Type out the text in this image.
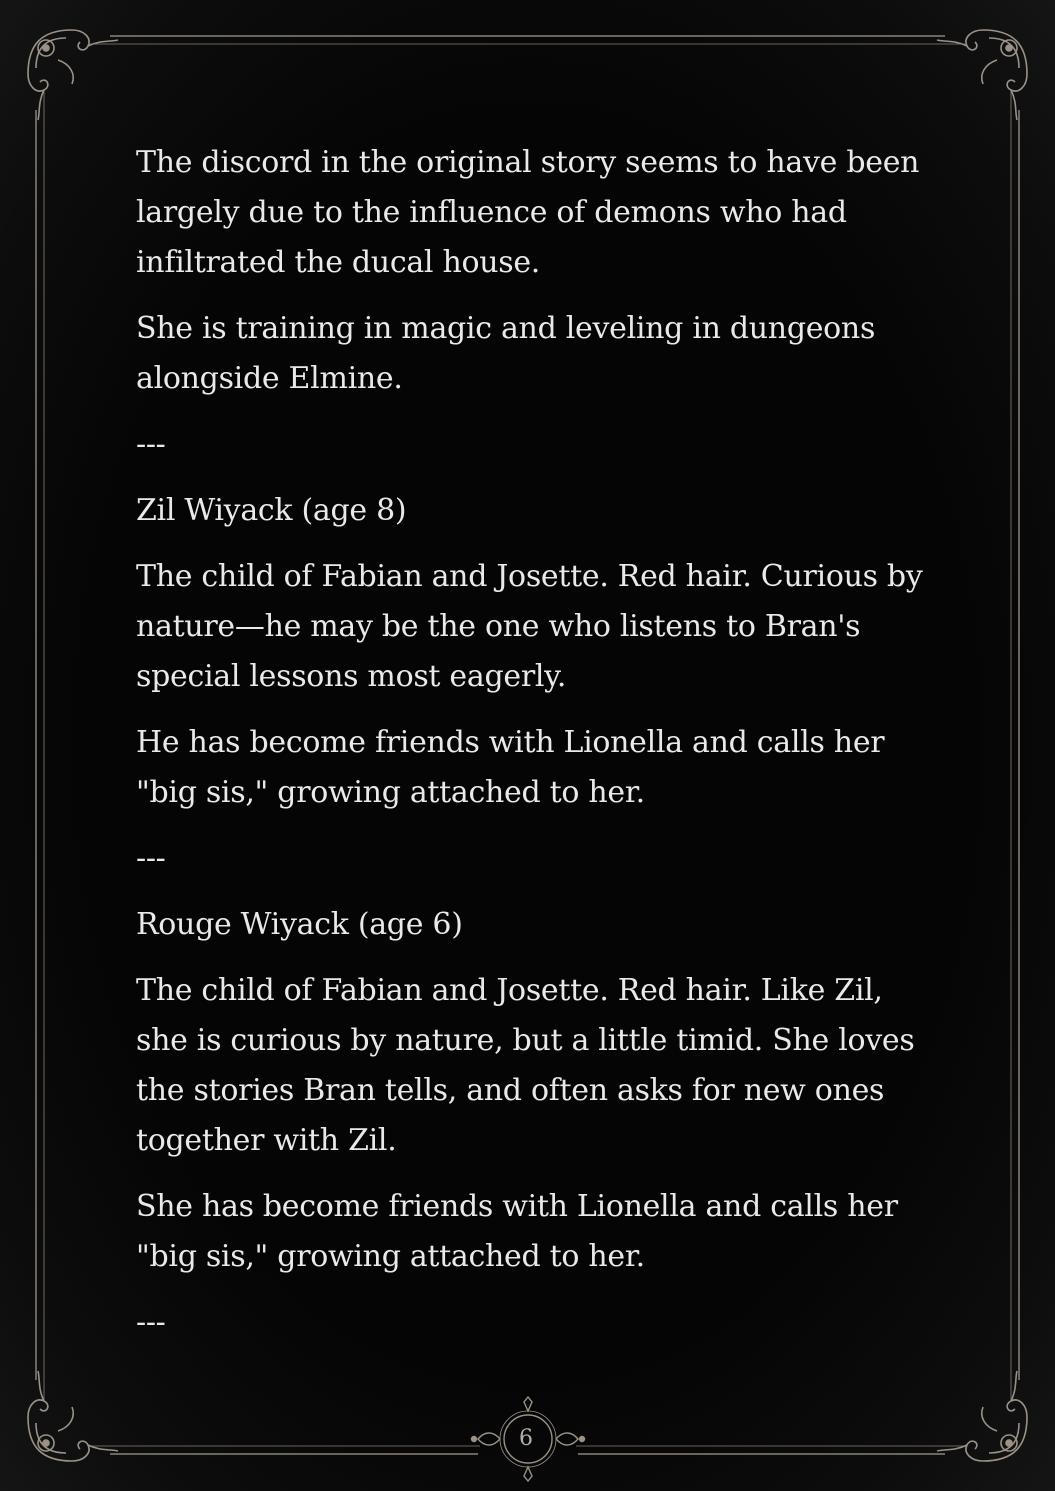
6

The discord in the original story seems to have been largely due to the influence of demons who had infiltrated the ducal house.

She is training in magic and leveling in dungeons alongside Elmine.

---

Zil Wiyack (age 8)

The child of Fabian and Josette. Red hair. Curious by nature—he may be the one who listens to Bran's special lessons most eagerly.

He has become friends with Lionella and calls her "big sis," growing attached to her.

---

Rouge Wiyack (age 6)

The child of Fabian and Josette. Red hair. Like Zil, she is curious by nature, but a little timid. She loves the stories Bran tells, and often asks for new ones together with Zil.

She has become friends with Lionella and calls her "big sis," growing attached to her.

---
